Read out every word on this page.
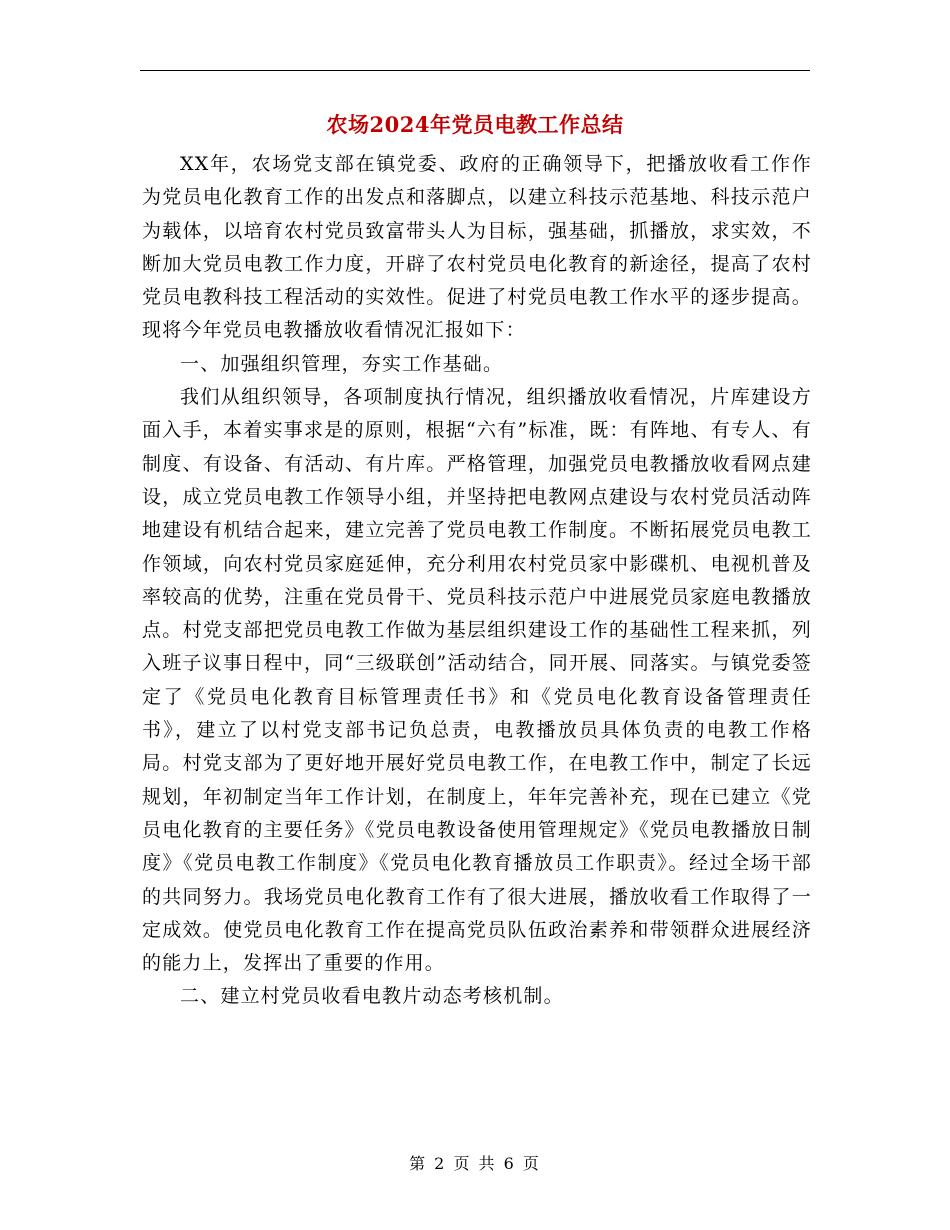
农场2024年党员电教工作总结

XX年，农场党支部在镇党委、政府的正确领导下，把播放收看工作作为党员电化教育工作的出发点和落脚点，以建立科技示范基地、科技示范户为载体，以培育农村党员致富带头人为目标，强基础，抓播放，求实效，不断加大党员电教工作力度，开辟了农村党员电化教育的新途径，提高了农村党员电教科技工程活动的实效性。促进了村党员电教工作水平的逐步提高。现将今年党员电教播放收看情况汇报如下：

一、加强组织管理，夯实工作基础。

我们从组织领导，各项制度执行情况，组织播放收看情况，片库建设方面入手，本着实事求是的原则，根据“六有”标准，既：有阵地、有专人、有制度、有设备、有活动、有片库。严格管理，加强党员电教播放收看网点建设，成立党员电教工作领导小组，并坚持把电教网点建设与农村党员活动阵地建设有机结合起来，建立完善了党员电教工作制度。不断拓展党员电教工作领域，向农村党员家庭延伸，充分利用农村党员家中影碟机、电视机普及率较高的优势，注重在党员骨干、党员科技示范户中进展党员家庭电教播放点。村党支部把党员电教工作做为基层组织建设工作的基础性工程来抓，列入班子议事日程中，同“三级联创”活动结合，同开展、同落实。与镇党委签定了《党员电化教育目标管理责任书》和《党员电化教育设备管理责任书》，建立了以村党支部书记负总责，电教播放员具体负责的电教工作格局。村党支部为了更好地开展好党员电教工作，在电教工作中，制定了长远规划，年初制定当年工作计划，在制度上，年年完善补充，现在已建立《党员电化教育的主要任务》《党员电教设备使用管理规定》《党员电教播放日制度》《党员电教工作制度》《党员电化教育播放员工作职责》。经过全场干部的共同努力。我场党员电化教育工作有了很大进展，播放收看工作取得了一定成效。使党员电化教育工作在提高党员队伍政治素养和带领群众进展经济的能力上，发挥出了重要的作用。

二、建立村党员收看电教片动态考核机制。

第 2 页 共 6 页
